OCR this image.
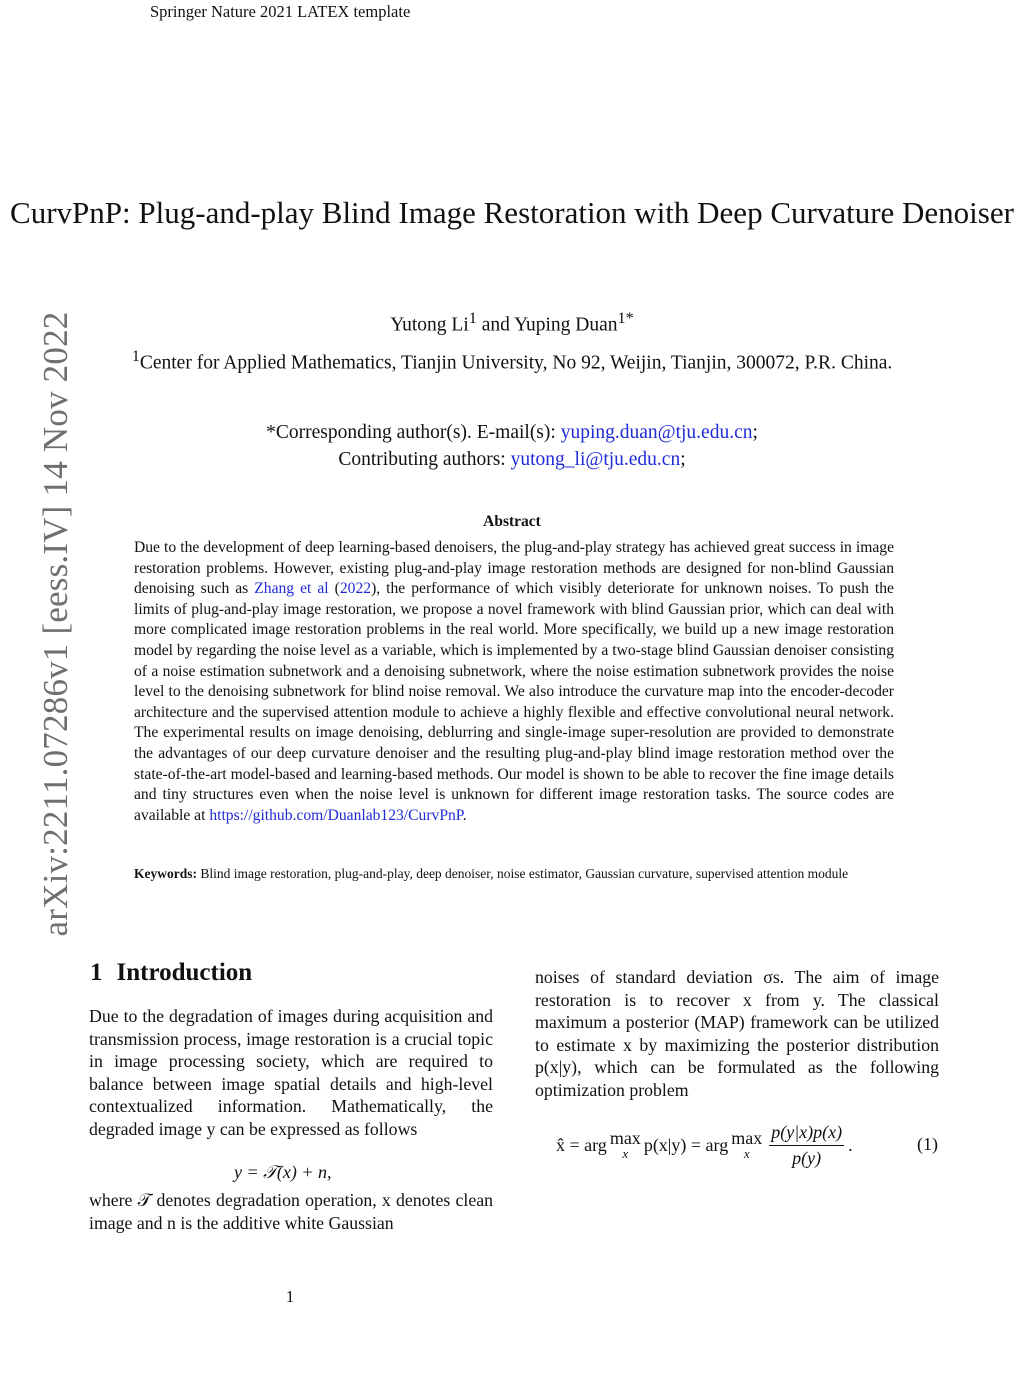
Springer Nature 2021 LATEX template
arXiv:2211.07286v1 [eess.IV] 14 Nov 2022
CurvPnP: Plug-and-play Blind Image Restoration with Deep Curvature Denoiser
Yutong Li$^1$ and Yuping Duan$^{1*}$
$^1$Center for Applied Mathematics, Tianjin University, No 92, Weijin, Tianjin, 300072, P.R. China.
*Corresponding author(s). E-mail(s): yuping.duan@tju.edu.cn;
Contributing authors: yutong_li@tju.edu.cn;
Abstract
Due to the development of deep learning-based denoisers, the plug-and-play strategy has achieved great success in image restoration problems. However, existing plug-and-play image restoration methods are designed for non-blind Gaussian denoising such as Zhang et al (2022), the performance of which visibly deteriorate for unknown noises. To push the limits of plug-and-play image restoration, we propose a novel framework with blind Gaussian prior, which can deal with more complicated image restoration problems in the real world. More specifically, we build up a new image restoration model by regarding the noise level as a variable, which is implemented by a two-stage blind Gaussian denoiser consisting of a noise estimation subnetwork and a denoising subnetwork, where the noise estimation subnetwork provides the noise level to the denoising subnetwork for blind noise removal. We also introduce the curvature map into the encoder-decoder architecture and the supervised attention module to achieve a highly flexible and effective convolutional neural network. The experimental results on image denoising, deblurring and single-image super-resolution are provided to demonstrate the advantages of our deep curvature denoiser and the resulting plug-and-play blind image restoration method over the state-of-the-art model-based and learning-based methods. Our model is shown to be able to recover the fine image details and tiny structures even when the noise level is unknown for different image restoration tasks. The source codes are available at https://github.com/Duanlab123/CurvPnP.
Keywords: Blind image restoration, plug-and-play, deep denoiser, noise estimator, Gaussian curvature, supervised attention module
1 Introduction
Due to the degradation of images during acquisition and transmission process, image restoration is a crucial topic in image processing society, which are required to balance between image spatial details and high-level contextualized information. Mathematically, the degraded image y can be expressed as follows
y = 𝒯(x) + n,
where 𝒯 denotes degradation operation, x denotes clean image and n is the additive white Gaussian
noises of standard deviation σs. The aim of image restoration is to recover x from y. The classical maximum a posterior (MAP) framework can be utilized to estimate x by maximizing the posterior distribution p(x|y), which can be formulated as the following optimization problem
x̂ = arg max
x p(x|y) = arg max
x $\frac{p(y|x)p(x)}{p(y)}$ .	(1)
1
